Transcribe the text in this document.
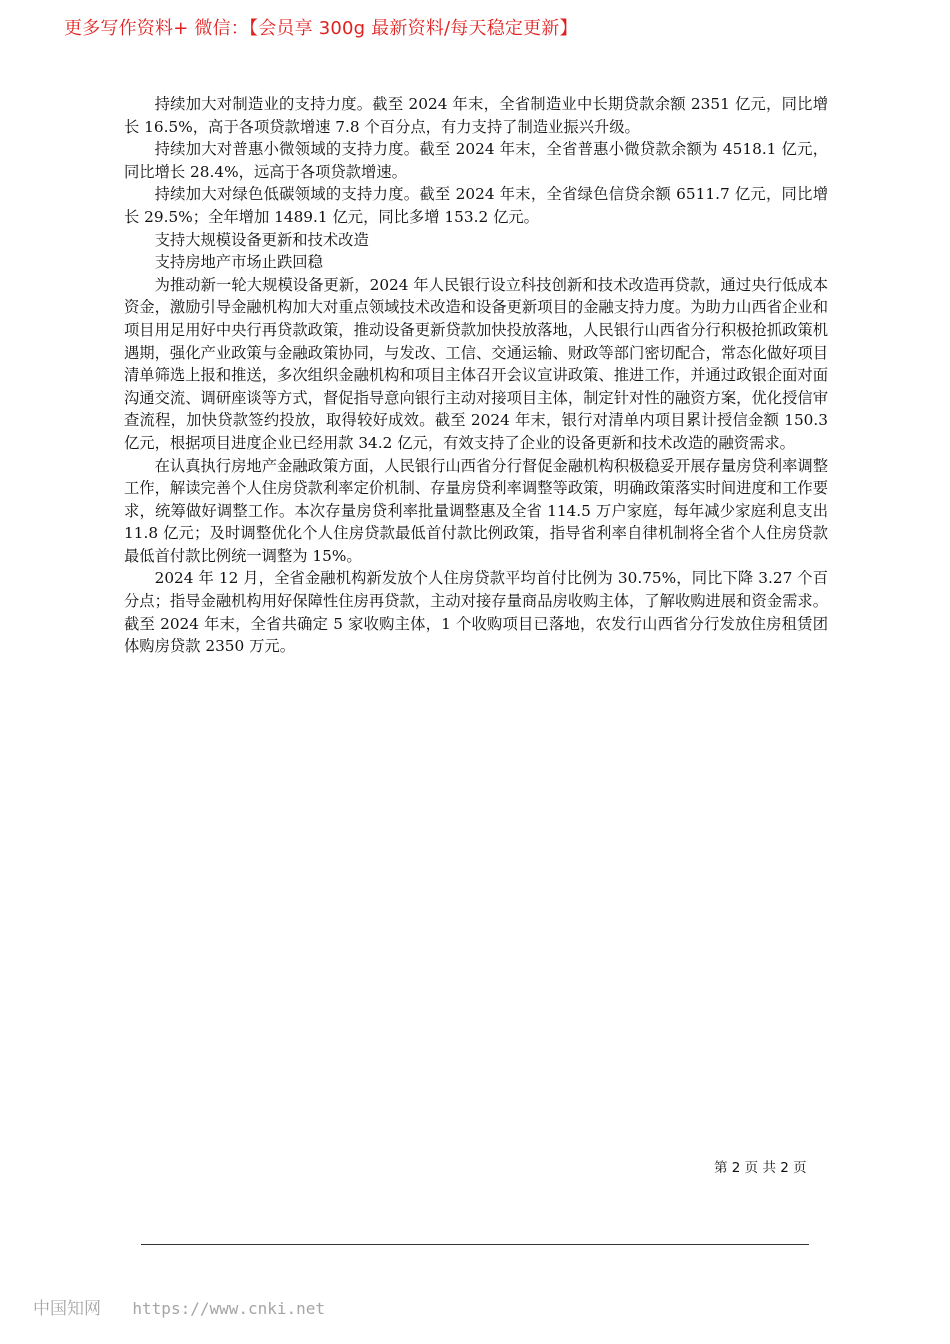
更多写作资料+ 微信：【会员享 300g 最新资料/每天稳定更新】

持续加大对制造业的支持力度。截至 2024 年末，全省制造业中长期贷款余额 2351 亿元，同比增长 16.5%，高于各项贷款增速 7.8 个百分点，有力支持了制造业振兴升级。

持续加大对普惠小微领域的支持力度。截至 2024 年末，全省普惠小微贷款余额为 4518.1 亿元，同比增长 28.4%，远高于各项贷款增速。

持续加大对绿色低碳领域的支持力度。截至 2024 年末，全省绿色信贷余额 6511.7 亿元，同比增长 29.5%；全年增加 1489.1 亿元，同比多增 153.2 亿元。

支持大规模设备更新和技术改造

支持房地产市场止跌回稳

为推动新一轮大规模设备更新，2024 年人民银行设立科技创新和技术改造再贷款，通过央行低成本资金，激励引导金融机构加大对重点领域技术改造和设备更新项目的金融支持力度。为助力山西省企业和项目用足用好中央行再贷款政策，推动设备更新贷款加快投放落地，人民银行山西省分行积极抢抓政策机遇期，强化产业政策与金融政策协同，与发改、工信、交通运输、财政等部门密切配合，常态化做好项目清单筛选上报和推送，多次组织金融机构和项目主体召开会议宣讲政策、推进工作，并通过政银企面对面沟通交流、调研座谈等方式，督促指导意向银行主动对接项目主体，制定针对性的融资方案，优化授信审查流程，加快贷款签约投放，取得较好成效。截至 2024 年末，银行对清单内项目累计授信金额 150.3 亿元，根据项目进度企业已经用款 34.2 亿元，有效支持了企业的设备更新和技术改造的融资需求。

在认真执行房地产金融政策方面，人民银行山西省分行督促金融机构积极稳妥开展存量房贷利率调整工作，解读完善个人住房贷款利率定价机制、存量房贷利率调整等政策，明确政策落实时间进度和工作要求，统筹做好调整工作。本次存量房贷利率批量调整惠及全省 114.5 万户家庭，每年减少家庭利息支出 11.8 亿元；及时调整优化个人住房贷款最低首付款比例政策，指导省利率自律机制将全省个人住房贷款最低首付款比例统一调整为 15%。

2024 年 12 月，全省金融机构新发放个人住房贷款平均首付比例为 30.75%，同比下降 3.27 个百分点；指导金融机构用好保障性住房再贷款，主动对接存量商品房收购主体，了解收购进展和资金需求。截至 2024 年末，全省共确定 5 家收购主体，1 个收购项目已落地，农发行山西省分行发放住房租赁团体购房贷款 2350 万元。

第 2 页 共 2 页
中国知网 https://www.cnki.net
